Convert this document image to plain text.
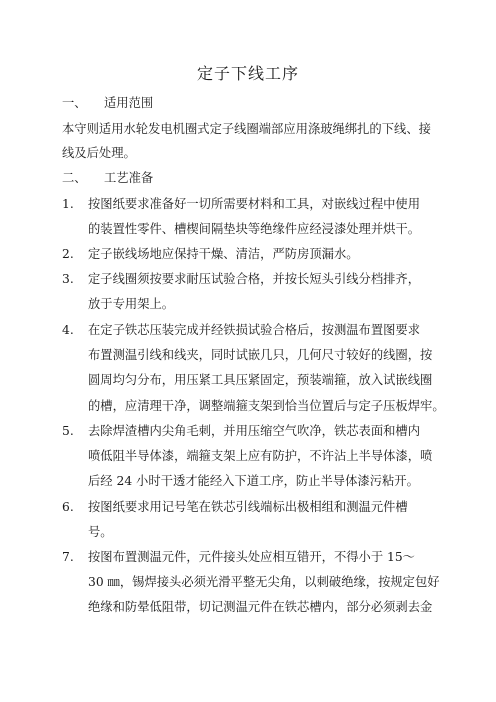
定子下线工序
一、 适用范围
本守则适用水轮发电机圈式定子线圈端部应用涤玻绳绑扎的下线、接
线及后处理。
二、 工艺准备
1. 按图纸要求准备好一切所需要材料和工具，对嵌线过程中使用
的装置性零件、槽楔间隔垫块等绝缘件应经浸漆处理并烘干。
2. 定子嵌线场地应保持干燥、清洁，严防房顶漏水。
3. 定子线圈须按要求耐压试验合格，并按长短头引线分档排齐，
放于专用架上。
4. 在定子铁芯压装完成并经铁损试验合格后，按测温布置图要求
布置测温引线和线夹，同时试嵌几只，几何尺寸较好的线圈，按
圆周均匀分布，用压紧工具压紧固定，预装端箍，放入试嵌线圈
的槽，应清理干净，调整端箍支架到恰当位置后与定子压板焊牢。
5. 去除焊渣槽内尖角毛刺，并用压缩空气吹净，铁芯表面和槽内
喷低阻半导体漆，端箍支架上应有防护，不许沾上半导体漆，喷
后经 24 小时干透才能经入下道工序，防止半导体漆污粘开。
6. 按图纸要求用记号笔在铁芯引线端标出极相组和测温元件槽
号。
7. 按图布置测温元件，元件接头处应相互错开，不得小于 15～
30 ㎜，锡焊接头必须光滑平整无尖角，以刺破绝缘，按规定包好
绝缘和防晕低阻带，切记测温元件在铁芯槽内，部分必须剥去金
